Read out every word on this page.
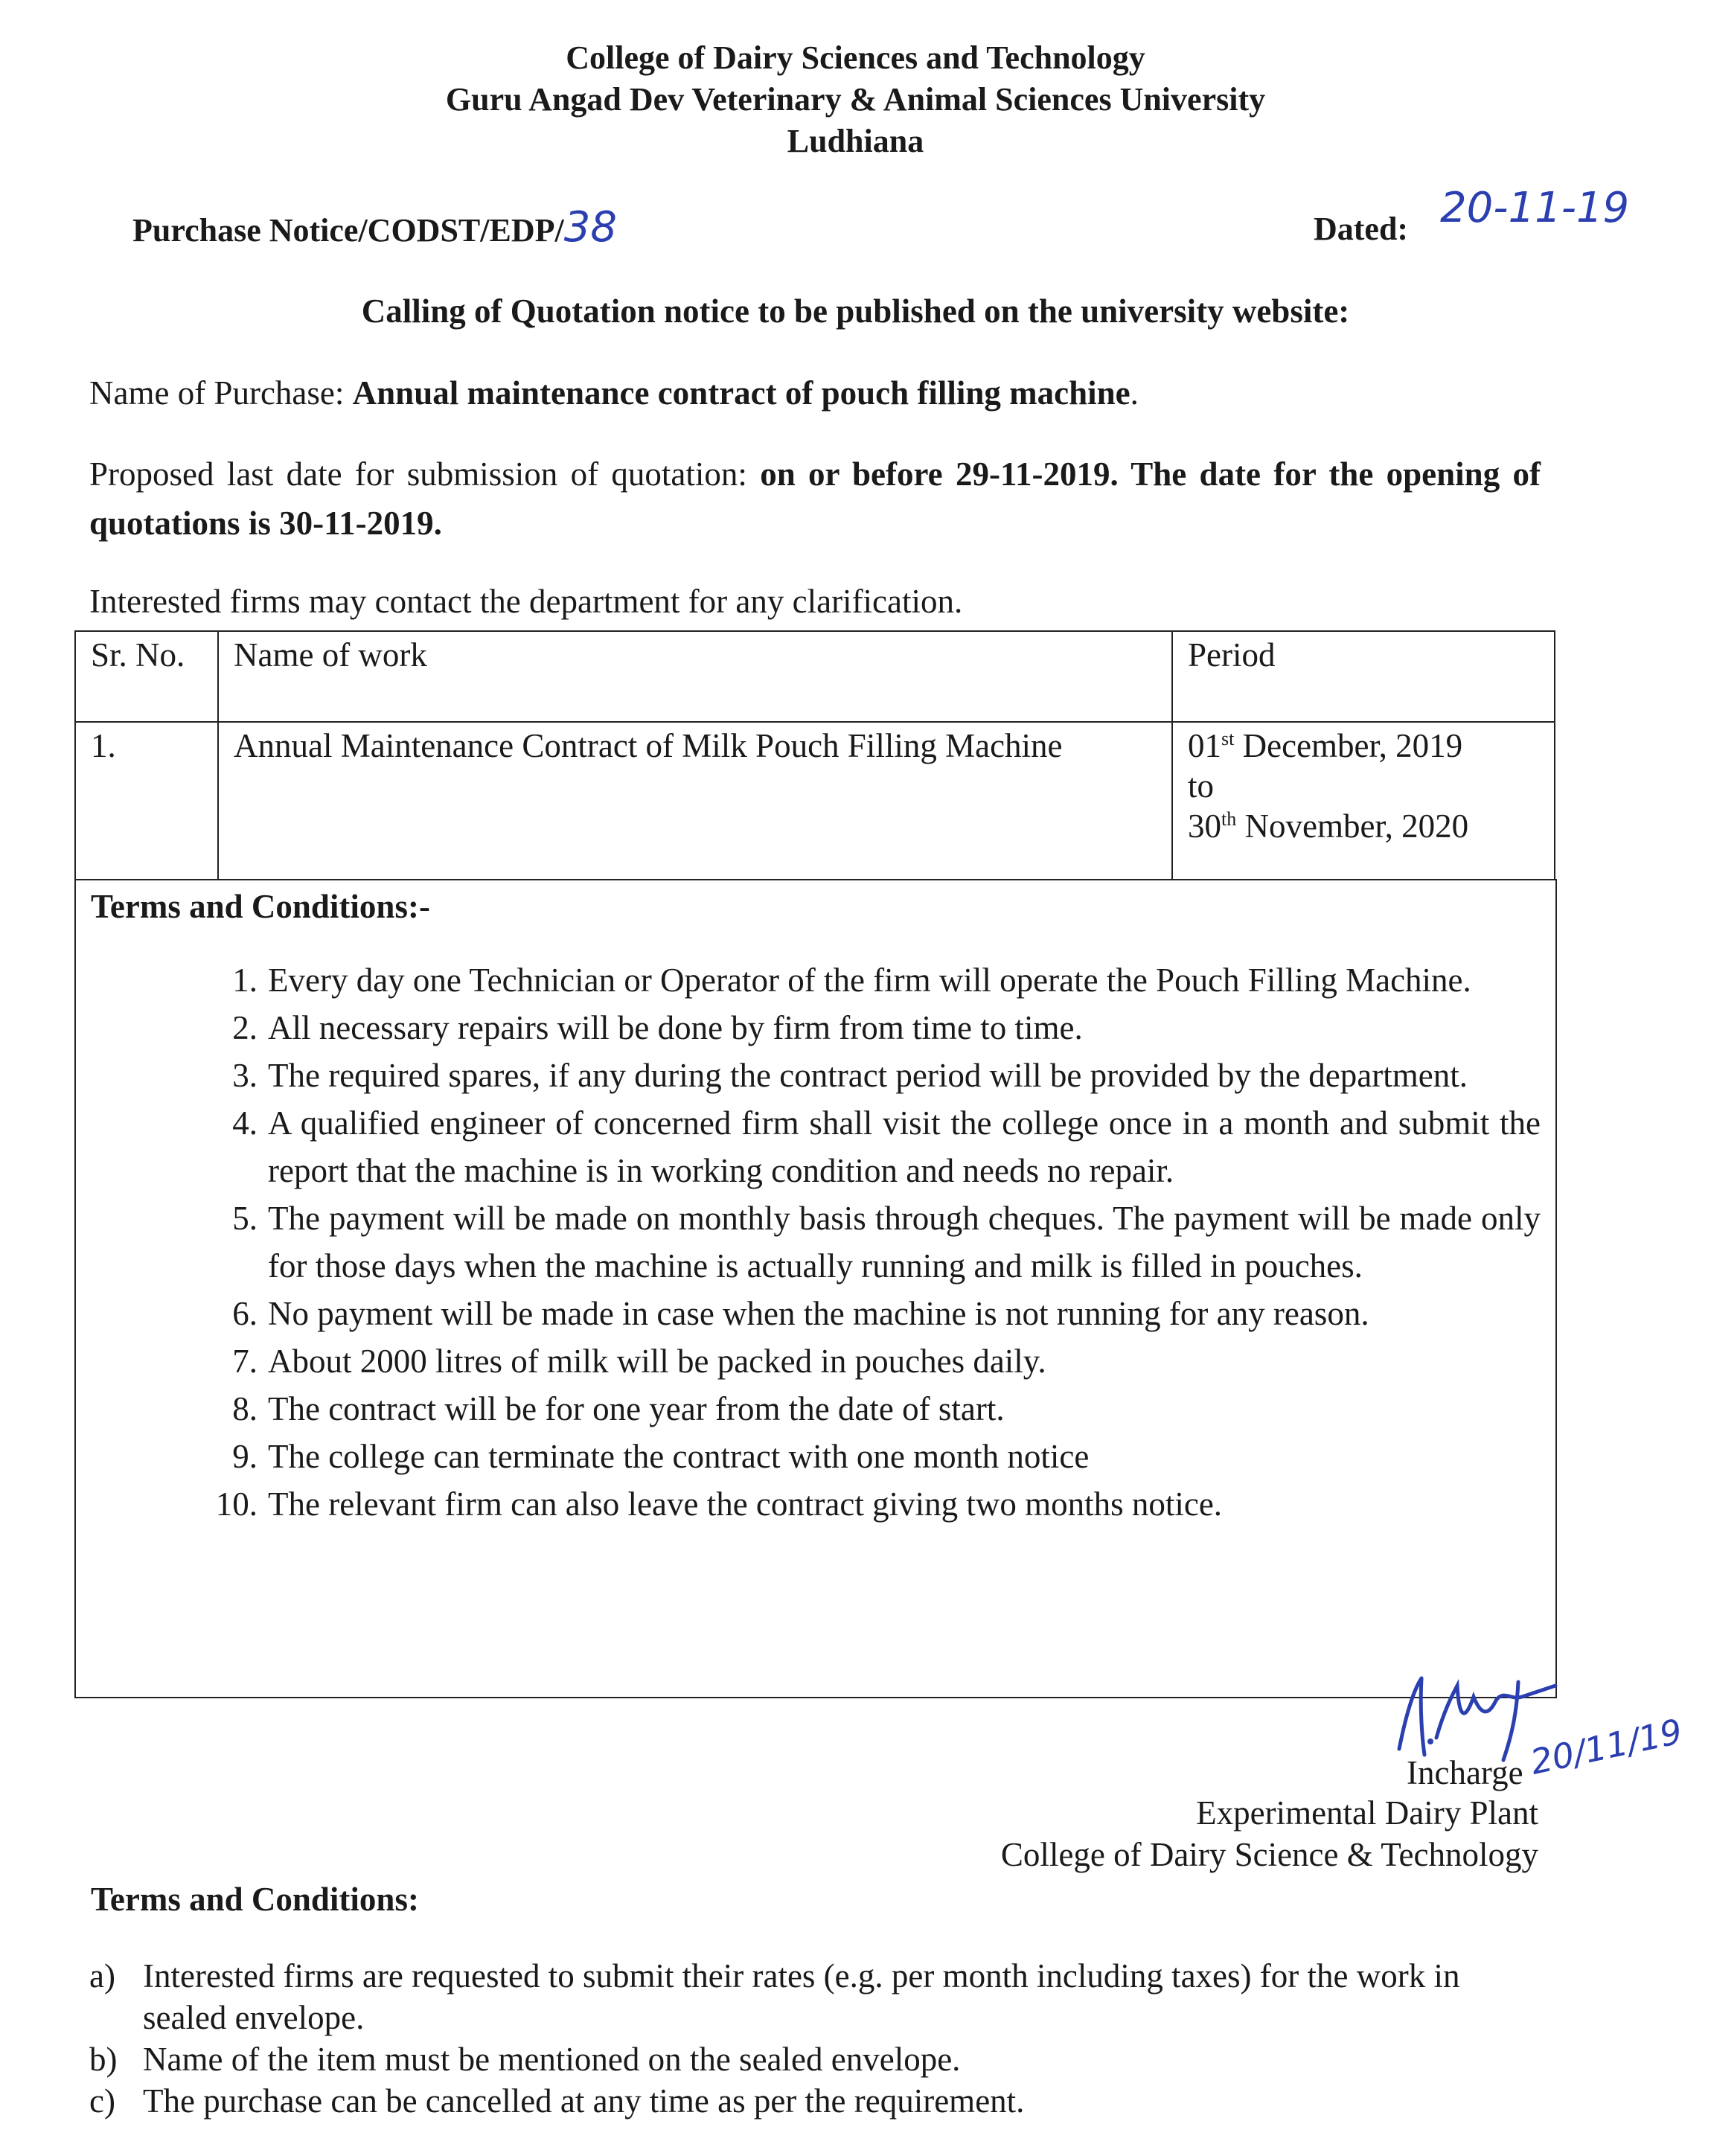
College of Dairy Sciences and Technology
Guru Angad Dev Veterinary & Animal Sciences University
Ludhiana
Purchase Notice/CODST/EDP/38	Dated: 20-11-19
Calling of Quotation notice to be published on the university website:
Name of Purchase: Annual maintenance contract of pouch filling machine.
Proposed last date for submission of quotation: on or before 29-11-2019. The date for the opening of quotations is 30-11-2019.
Interested firms may contact the department for any clarification.
Sr. No.	Name of work	Period
1.	Annual Maintenance Contract of Milk Pouch Filling Machine	01st December, 2019
to
30th November, 2020
Terms and Conditions:-
1. Every day one Technician or Operator of the firm will operate the Pouch Filling Machine.
2. All necessary repairs will be done by firm from time to time.
3. The required spares, if any during the contract period will be provided by the department.
4. A qualified engineer of concerned firm shall visit the college once in a month and submit the report that the machine is in working condition and needs no repair.
5. The payment will be made on monthly basis through cheques. The payment will be made only for those days when the machine is actually running and milk is filled in pouches.
6. No payment will be made in case when the machine is not running for any reason.
7. About 2000 litres of milk will be packed in pouches daily.
8. The contract will be for one year from the date of start.
9. The college can terminate the contract with one month notice
10. The relevant firm can also leave the contract giving two months notice.
20/11/19
Incharge
Experimental Dairy Plant
College of Dairy Science & Technology
Terms and Conditions:
a) Interested firms are requested to submit their rates (e.g. per month including taxes) for the work in sealed envelope.
b) Name of the item must be mentioned on the sealed envelope.
c) The purchase can be cancelled at any time as per the requirement.
